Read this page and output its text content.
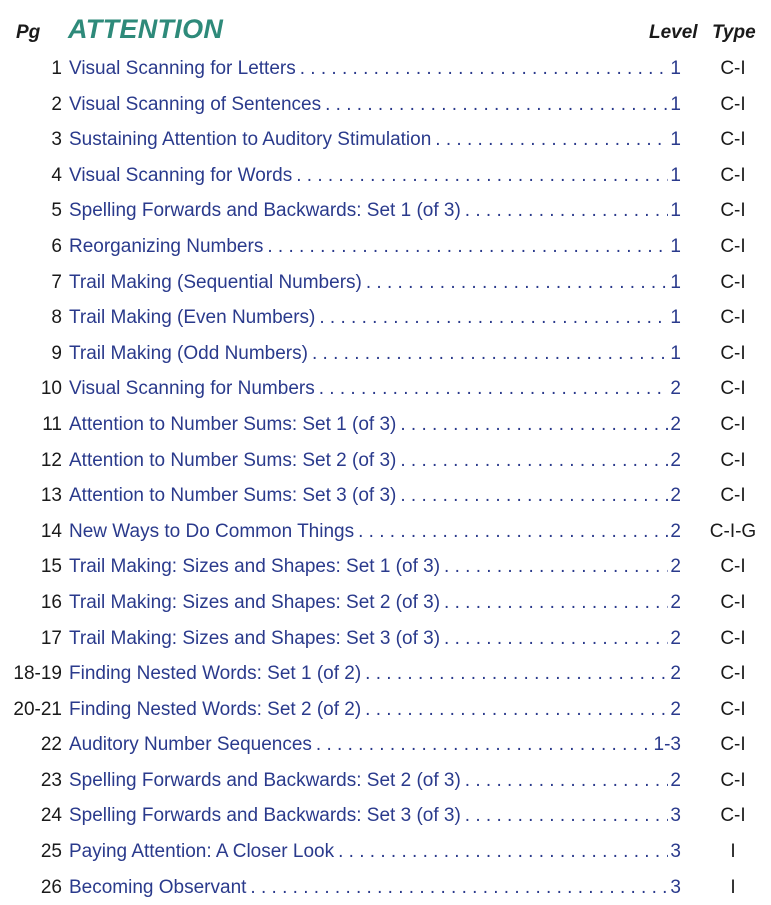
Pg ATTENTION	Level Type
1 Visual Scanning for Letters . . .	1	C-I
2 Visual Scanning of Sentences . . .	1	C-I
3 Sustaining Attention to Auditory Stimulation . . .	1	C-I
4 Visual Scanning for Words . . .	1	C-I
5 Spelling Forwards and Backwards: Set 1 (of 3) . . .	1	C-I
6 Reorganizing Numbers . . .	1	C-I
7 Trail Making (Sequential Numbers) . . .	1	C-I
8 Trail Making (Even Numbers) . . .	1	C-I
9 Trail Making (Odd Numbers) . . .	1	C-I
10 Visual Scanning for Numbers . . .	2	C-I
11 Attention to Number Sums: Set 1 (of 3) . . .	2	C-I
12 Attention to Number Sums: Set 2 (of 3) . . .	2	C-I
13 Attention to Number Sums: Set 3 (of 3) . . .	2	C-I
14 New Ways to Do Common Things . . .	2	C-I-G
15 Trail Making: Sizes and Shapes: Set 1 (of 3) . . .	2	C-I
16 Trail Making: Sizes and Shapes: Set 2 (of 3) . . .	2	C-I
17 Trail Making: Sizes and Shapes: Set 3 (of 3) . . .	2	C-I
18-19 Finding Nested Words: Set 1 (of 2) . . .	2	C-I
20-21 Finding Nested Words: Set 2 (of 2) . . .	2	C-I
22 Auditory Number Sequences . . .	1-3	C-I
23 Spelling Forwards and Backwards: Set 2 (of 3) . . .	2	C-I
24 Spelling Forwards and Backwards: Set 3 (of 3) . . .	3	C-I
25 Paying Attention: A Closer Look . . .	3	I
26 Becoming Observant . . .	3	I
